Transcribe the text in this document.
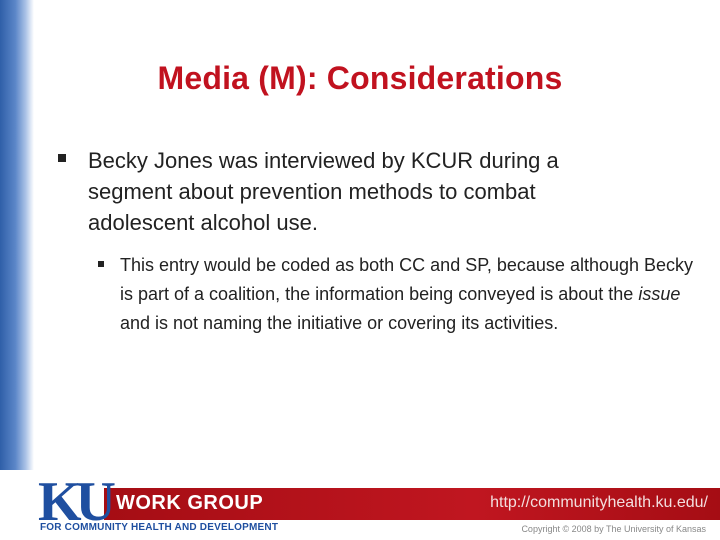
Media (M): Considerations
Becky Jones was interviewed by KCUR during a segment about prevention methods to combat adolescent alcohol use.
This entry would be coded as both CC and SP, because although Becky is part of a coalition, the information being conveyed is about the issue and is not naming the initiative or covering its activities.
KU WORK GROUP	http://communityhealth.ku.edu/
FOR COMMUNITY HEALTH AND DEVELOPMENT	Copyright © 2008 by The University of Kansas
